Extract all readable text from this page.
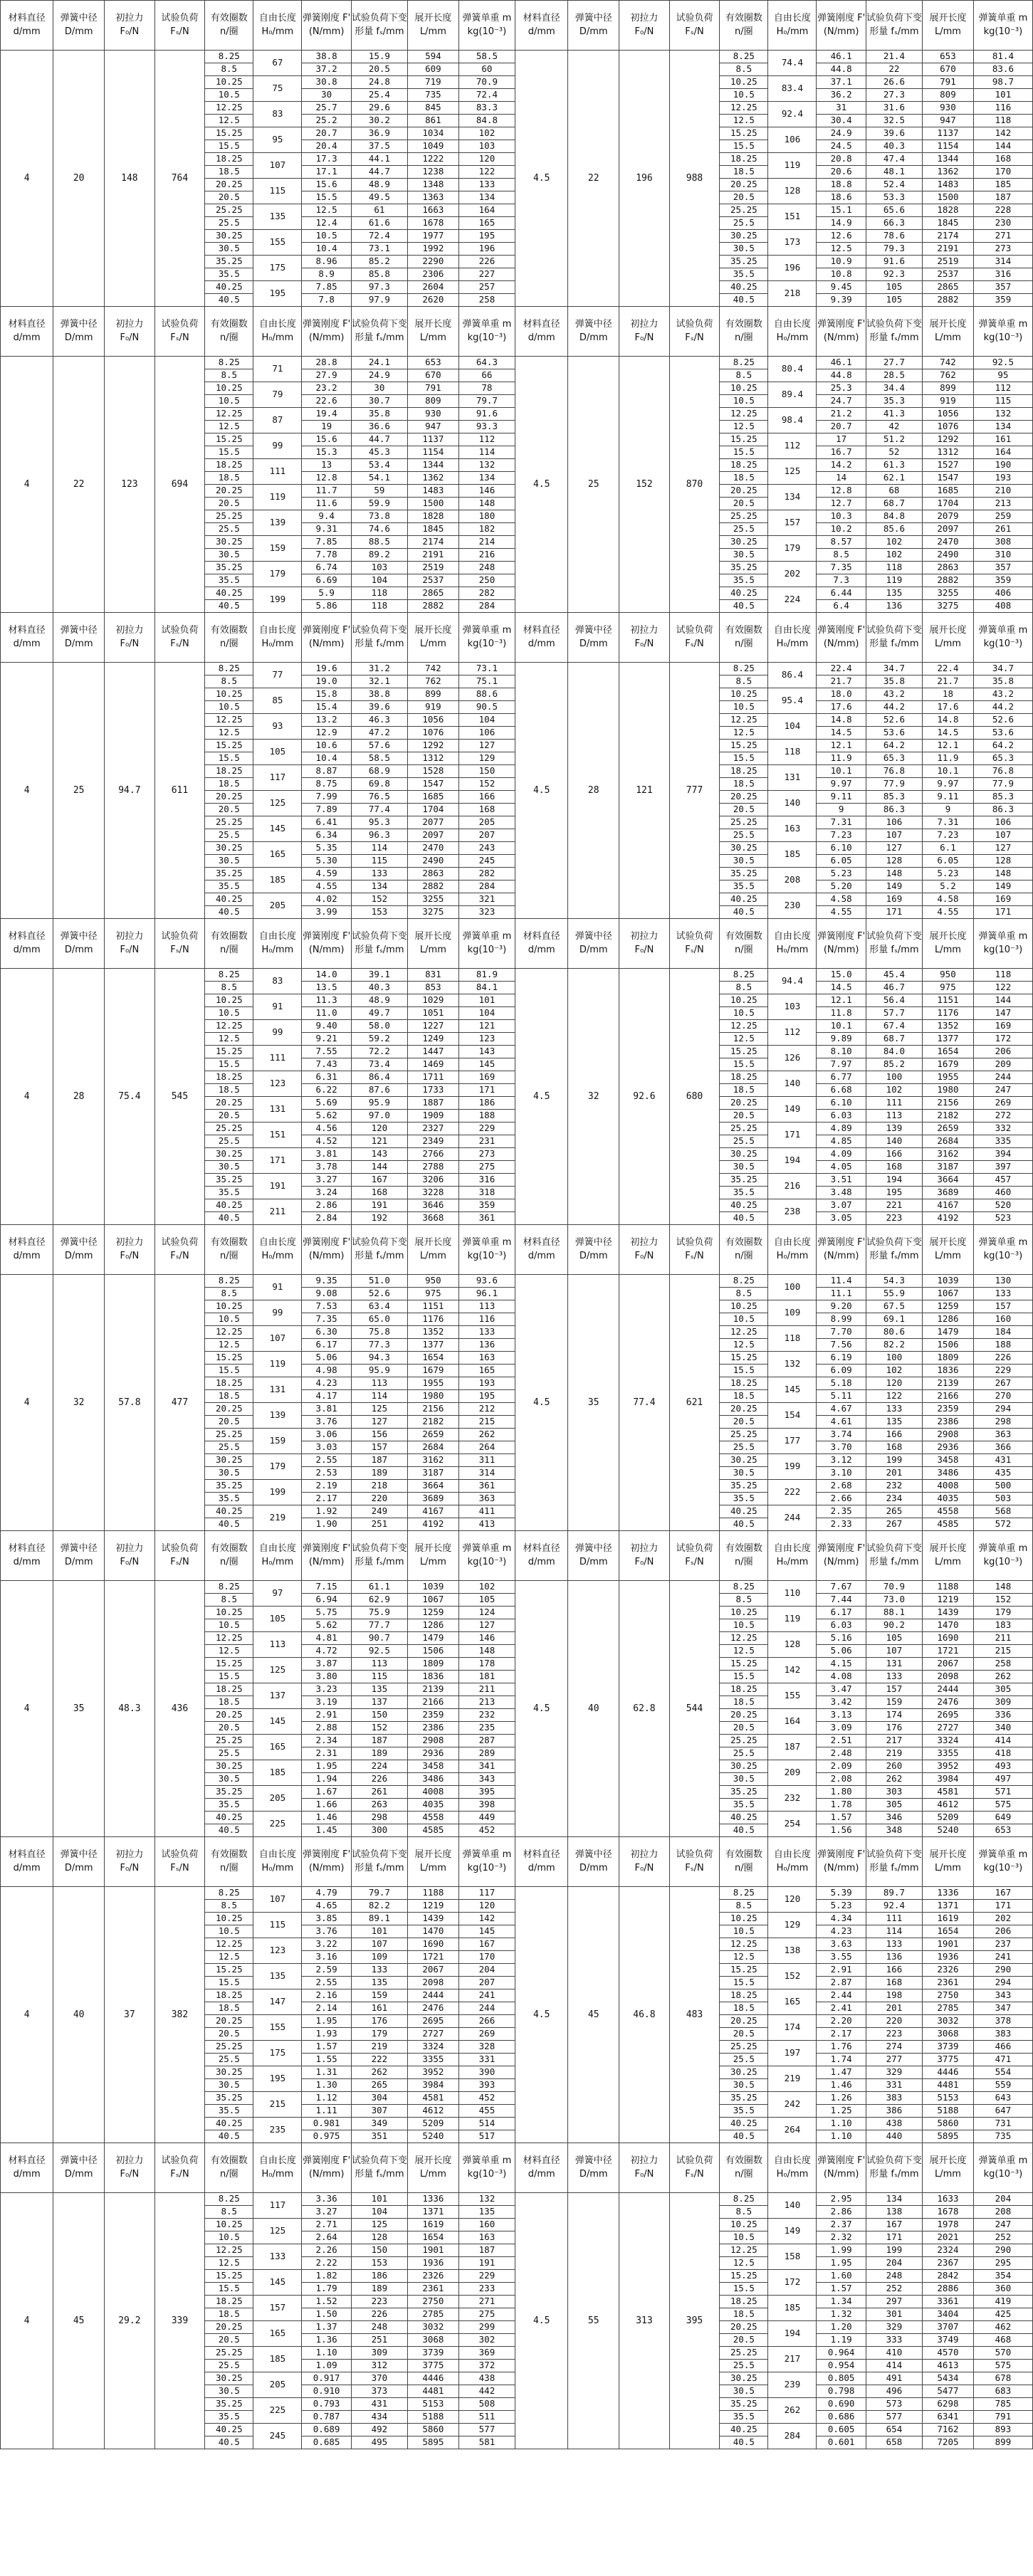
材料直径 d/mm	弹簧中径 D/mm	初拉力 F₀/N	试验负荷 Fₛ/N	有效圈数 n/圈	自由长度 H₀/mm	弹簧刚度 F' (N/mm)	试验负荷下变形量 fₛ/mm	展开长度 L/mm	弹簧单重 m kg(10⁻³)	材料直径 d/mm	弹簧中径 D/mm	初拉力 F₀/N	试验负荷 Fₛ/N	有效圈数 n/圈	自由长度 H₀/mm	弹簧刚度 F' (N/mm)	试验负荷下变形量 fₛ/mm	展开长度 L/mm	弹簧单重 m kg(10⁻³)
4	20	148	764	8.25	67	38.8	15.9	594	58.5	4.5	22	196	988	8.25	74.4	46.1	21.4	653	81.4
				8.5		37.2	20.5	609	60					8.5		44.8	22	670	83.6
				10.25	75	30.8	24.8	719	70.9					10.25	83.4	37.1	26.6	791	98.7
				10.5		30	25.4	735	72.4					10.5		36.2	27.3	809	101
				12.25	83	25.7	29.6	845	83.3					12.25	92.4	31	31.6	930	116
				12.5		25.2	30.2	861	84.8					12.5		30.4	32.5	947	118
				15.25	95	20.7	36.9	1034	102					15.25	106	24.9	39.6	1137	142
				15.5		20.4	37.5	1049	103					15.5		24.5	40.3	1154	144
				18.25	107	17.3	44.1	1222	120					18.25	119	20.8	47.4	1344	168
				18.5		17.1	44.7	1238	122					18.5		20.6	48.1	1362	170
				20.25	115	15.6	48.9	1348	133					20.25	128	18.8	52.4	1483	185
				20.5		15.5	49.5	1363	134					20.5		18.6	53.3	1500	187
				25.25	135	12.5	61	1663	164					25.25	151	15.1	65.6	1828	228
				25.5		12.4	61.6	1678	165					25.5		14.9	66.3	1845	230
				30.25	155	10.5	72.4	1977	195					30.25	173	12.6	78.6	2174	271
				30.5		10.4	73.1	1992	196					30.5		12.5	79.3	2191	273
				35.25	175	8.96	85.2	2290	226					35.25	196	10.9	91.6	2519	314
				35.5		8.9	85.8	2306	227					35.5		10.8	92.3	2537	316
				40.25	195	7.85	97.3	2604	257					40.25	218	9.45	105	2865	357
				40.5		7.8	97.9	2620	258					40.5		9.39	105	2882	359
材料直径 d/mm	弹簧中径 D/mm	初拉力 F₀/N	试验负荷 Fₛ/N	有效圈数 n/圈	自由长度 H₀/mm	弹簧刚度 F' (N/mm)	试验负荷下变形量 fₛ/mm	展开长度 L/mm	弹簧单重 m kg(10⁻³)	材料直径 d/mm	弹簧中径 D/mm	初拉力 F₀/N	试验负荷 Fₛ/N	有效圈数 n/圈	自由长度 H₀/mm	弹簧刚度 F' (N/mm)	试验负荷下变形量 fₛ/mm	展开长度 L/mm	弹簧单重 m kg(10⁻³)
4	22	123	694	8.25	71	28.8	24.1	653	64.3	4.5	25	152	870	8.25	80.4	46.1	27.7	742	92.5
				8.5		27.9	24.9	670	66					8.5		44.8	28.5	762	95
				10.25	79	23.2	30	791	78					10.25	89.4	25.3	34.4	899	112
				10.5		22.6	30.7	809	79.7					10.5		24.7	35.3	919	115
				12.25	87	19.4	35.8	930	91.6					12.25	98.4	21.2	41.3	1056	132
				12.5		19	36.6	947	93.3					12.5		20.7	42	1076	134
				15.25	99	15.6	44.7	1137	112					15.25	112	17	51.2	1292	161
				15.5		15.3	45.3	1154	114					15.5		16.7	52	1312	164
				18.25	111	13	53.4	1344	132					18.25	125	14.2	61.3	1527	190
				18.5		12.8	54.1	1362	134					18.5		14	62.1	1547	193
				20.25	119	11.7	59	1483	146					20.25	134	12.8	68	1685	210
				20.5		11.6	59.9	1500	148					20.5		12.7	68.7	1704	213
				25.25	139	9.4	73.8	1828	180					25.25	157	10.3	84.8	2079	259
				25.5		9.31	74.6	1845	182					25.5		10.2	85.6	2097	261
				30.25	159	7.85	88.5	2174	214					30.25	179	8.57	102	2470	308
				30.5		7.78	89.2	2191	216					30.5		8.5	102	2490	310
				35.25	179	6.74	103	2519	248					35.25	202	7.35	118	2863	357
				35.5		6.69	104	2537	250					35.5		7.3	119	2882	359
				40.25	199	5.9	118	2865	282					40.25	224	6.44	135	3255	406
				40.5		5.86	118	2882	284					40.5		6.4	136	3275	408
材料直径 d/mm	弹簧中径 D/mm	初拉力 F₀/N	试验负荷 Fₛ/N	有效圈数 n/圈	自由长度 H₀/mm	弹簧刚度 F' (N/mm)	试验负荷下变形量 fₛ/mm	展开长度 L/mm	弹簧单重 m kg(10⁻³)	材料直径 d/mm	弹簧中径 D/mm	初拉力 F₀/N	试验负荷 Fₛ/N	有效圈数 n/圈	自由长度 H₀/mm	弹簧刚度 F' (N/mm)	试验负荷下变形量 fₛ/mm	展开长度 L/mm	弹簧单重 m kg(10⁻³)
4	25	94.7	611	8.25	77	19.6	31.2	742	73.1	4.5	28	121	777	8.25	86.4	22.4	34.7	22.4	34.7
				8.5		19.0	32.1	762	75.1					8.5		21.7	35.8	21.7	35.8
				10.25	85	15.8	38.8	899	88.6					10.25	95.4	18.0	43.2	18	43.2
				10.5		15.4	39.6	919	90.5					10.5		17.6	44.2	17.6	44.2
				12.25	93	13.2	46.3	1056	104					12.25	104	14.8	52.6	14.8	52.6
				12.5		12.9	47.2	1076	106					12.5		14.5	53.6	14.5	53.6
				15.25	105	10.6	57.6	1292	127					15.25	118	12.1	64.2	12.1	64.2
				15.5		10.4	58.5	1312	129					15.5		11.9	65.3	11.9	65.3
				18.25	117	8.87	68.9	1528	150					18.25	131	10.1	76.8	10.1	76.8
				18.5		8.75	69.8	1547	152					18.5		9.97	77.9	9.97	77.9
				20.25	125	7.99	76.5	1685	166					20.25	140	9.11	85.3	9.11	85.3
				20.5		7.89	77.4	1704	168					20.5		9	86.3	9	86.3
				25.25	145	6.41	95.3	2077	205					25.25	163	7.31	106	7.31	106
				25.5		6.34	96.3	2097	207					25.5		7.23	107	7.23	107
				30.25	165	5.35	114	2470	243					30.25	185	6.10	127	6.1	127
				30.5		5.30	115	2490	245					30.5		6.05	128	6.05	128
				35.25	185	4.59	133	2863	282					35.25	208	5.23	148	5.23	148
				35.5		4.55	134	2882	284					35.5		5.20	149	5.2	149
				40.25	205	4.02	152	3255	321					40.25	230	4.58	169	4.58	169
				40.5		3.99	153	3275	323					40.5		4.55	171	4.55	171
材料直径 d/mm	弹簧中径 D/mm	初拉力 F₀/N	试验负荷 Fₛ/N	有效圈数 n/圈	自由长度 H₀/mm	弹簧刚度 F' (N/mm)	试验负荷下变形量 fₛ/mm	展开长度 L/mm	弹簧单重 m kg(10⁻³)	材料直径 d/mm	弹簧中径 D/mm	初拉力 F₀/N	试验负荷 Fₛ/N	有效圈数 n/圈	自由长度 H₀/mm	弹簧刚度 F' (N/mm)	试验负荷下变形量 fₛ/mm	展开长度 L/mm	弹簧单重 m kg(10⁻³)
4	28	75.4	545	8.25	83	14.0	39.1	831	81.9	4.5	32	92.6	680	8.25	94.4	15.0	45.4	950	118
				8.5		13.5	40.3	853	84.1					8.5		14.5	46.7	975	122
				10.25	91	11.3	48.9	1029	101					10.25	103	12.1	56.4	1151	144
				10.5		11.0	49.7	1051	104					10.5		11.8	57.7	1176	147
				12.25	99	9.40	58.0	1227	121					12.25	112	10.1	67.4	1352	169
				12.5		9.21	59.2	1249	123					12.5		9.89	68.7	1377	172
				15.25	111	7.55	72.2	1447	143					15.25	126	8.10	84.0	1654	206
				15.5		7.43	73.4	1469	145					15.5		7.97	85.2	1679	209
				18.25	123	6.31	86.4	1711	169					18.25	140	6.77	100	1955	244
				18.5		6.22	87.6	1733	171					18.5		6.68	102	1980	247
				20.25	131	5.69	95.9	1887	186					20.25	149	6.10	111	2156	269
				20.5		5.62	97.0	1909	188					20.5		6.03	113	2182	272
				25.25	151	4.56	120	2327	229					25.25	171	4.89	139	2659	332
				25.5		4.52	121	2349	231					25.5		4.85	140	2684	335
				30.25	171	3.81	143	2766	273					30.25	194	4.09	166	3162	394
				30.5		3.78	144	2788	275					30.5		4.05	168	3187	397
				35.25	191	3.27	167	3206	316					35.25	216	3.51	194	3664	457
				35.5		3.24	168	3228	318					35.5		3.48	195	3689	460
				40.25	211	2.86	191	3646	359					40.25	238	3.07	221	4167	520
				40.5		2.84	192	3668	361					40.5		3.05	223	4192	523
材料直径 d/mm	弹簧中径 D/mm	初拉力 F₀/N	试验负荷 Fₛ/N	有效圈数 n/圈	自由长度 H₀/mm	弹簧刚度 F' (N/mm)	试验负荷下变形量 fₛ/mm	展开长度 L/mm	弹簧单重 m kg(10⁻³)	材料直径 d/mm	弹簧中径 D/mm	初拉力 F₀/N	试验负荷 Fₛ/N	有效圈数 n/圈	自由长度 H₀/mm	弹簧刚度 F' (N/mm)	试验负荷下变形量 fₛ/mm	展开长度 L/mm	弹簧单重 m kg(10⁻³)
4	32	57.8	477	8.25	91	9.35	51.0	950	93.6	4.5	35	77.4	621	8.25	100	11.4	54.3	1039	130
				8.5		9.08	52.6	975	96.1					8.5		11.1	55.9	1067	133
				10.25	99	7.53	63.4	1151	113					10.25	109	9.20	67.5	1259	157
				10.5		7.35	65.0	1176	116					10.5		8.99	69.1	1286	160
				12.25	107	6.30	75.8	1352	133					12.25	118	7.70	80.6	1479	184
				12.5		6.17	77.3	1377	136					12.5		7.56	82.2	1506	188
				15.25	119	5.06	94.3	1654	163					15.25	132	6.19	100	1809	226
				15.5		4.98	95.9	1679	165					15.5		6.09	102	1836	229
				18.25	131	4.23	113	1955	193					18.25	145	5.18	120	2139	267
				18.5		4.17	114	1980	195					18.5		5.11	122	2166	270
				20.25	139	3.81	125	2156	212					20.25	154	4.67	133	2359	294
				20.5		3.76	127	2182	215					20.5		4.61	135	2386	298
				25.25	159	3.06	156	2659	262					25.25	177	3.74	166	2908	363
				25.5		3.03	157	2684	264					25.5		3.70	168	2936	366
				30.25	179	2.55	187	3162	311					30.25	199	3.12	199	3458	431
				30.5		2.53	189	3187	314					30.5		3.10	201	3486	435
				35.25	199	2.19	218	3664	361					35.25	222	2.68	232	4008	500
				35.5		2.17	220	3689	363					35.5		2.66	234	4035	503
				40.25	219	1.92	249	4167	411					40.25	244	2.35	265	4558	568
				40.5		1.90	251	4192	413					40.5		2.33	267	4585	572
材料直径 d/mm	弹簧中径 D/mm	初拉力 F₀/N	试验负荷 Fₛ/N	有效圈数 n/圈	自由长度 H₀/mm	弹簧刚度 F' (N/mm)	试验负荷下变形量 fₛ/mm	展开长度 L/mm	弹簧单重 m kg(10⁻³)	材料直径 d/mm	弹簧中径 D/mm	初拉力 F₀/N	试验负荷 Fₛ/N	有效圈数 n/圈	自由长度 H₀/mm	弹簧刚度 F' (N/mm)	试验负荷下变形量 fₛ/mm	展开长度 L/mm	弹簧单重 m kg(10⁻³)
4	35	48.3	436	8.25	97	7.15	61.1	1039	102	4.5	40	62.8	544	8.25	110	7.67	70.9	1188	148
				8.5		6.94	62.9	1067	105					8.5		7.44	73.0	1219	152
				10.25	105	5.75	75.9	1259	124					10.25	119	6.17	88.1	1439	179
				10.5		5.62	77.7	1286	127					10.5		6.03	90.2	1470	183
				12.25	113	4.81	90.7	1479	146					12.25	128	5.16	105	1690	211
				12.5		4.72	92.5	1506	148					12.5		5.06	107	1721	215
				15.25	125	3.87	113	1809	178					15.25	142	4.15	131	2067	258
				15.5		3.80	115	1836	181					15.5		4.08	133	2098	262
				18.25	137	3.23	135	2139	211					18.25	155	3.47	157	2444	305
				18.5		3.19	137	2166	213					18.5		3.42	159	2476	309
				20.25	145	2.91	150	2359	232					20.25	164	3.13	174	2695	336
				20.5		2.88	152	2386	235					20.5		3.09	176	2727	340
				25.25	165	2.34	187	2908	287					25.25	187	2.51	217	3324	414
				25.5		2.31	189	2936	289					25.5		2.48	219	3355	418
				30.25	185	1.95	224	3458	341					30.25	209	2.09	260	3952	493
				30.5		1.94	226	3486	343					30.5		2.08	262	3984	497
				35.25	205	1.67	261	4008	395					35.25	232	1.80	303	4581	571
				35.5		1.66	263	4035	398					35.5		1.78	305	4612	575
				40.25	225	1.46	298	4558	449					40.25	254	1.57	346	5209	649
				40.5		1.45	300	4585	452					40.5		1.56	348	5240	653
材料直径 d/mm	弹簧中径 D/mm	初拉力 F₀/N	试验负荷 Fₛ/N	有效圈数 n/圈	自由长度 H₀/mm	弹簧刚度 F' (N/mm)	试验负荷下变形量 fₛ/mm	展开长度 L/mm	弹簧单重 m kg(10⁻³)	材料直径 d/mm	弹簧中径 D/mm	初拉力 F₀/N	试验负荷 Fₛ/N	有效圈数 n/圈	自由长度 H₀/mm	弹簧刚度 F' (N/mm)	试验负荷下变形量 fₛ/mm	展开长度 L/mm	弹簧单重 m kg(10⁻³)
4	40	37	382	8.25	107	4.79	79.7	1188	117	4.5	45	46.8	483	8.25	120	5.39	89.7	1336	167
				8.5		4.65	82.2	1219	120					8.5		5.23	92.4	1371	171
				10.25	115	3.85	89.1	1439	142					10.25	129	4.34	111	1619	202
				10.5		3.76	101	1470	145					10.5		4.23	114	1654	206
				12.25	123	3.22	107	1690	167					12.25	138	3.63	133	1901	237
				12.5		3.16	109	1721	170					12.5		3.55	136	1936	241
				15.25	135	2.59	133	2067	204					15.25	152	2.91	166	2326	290
				15.5		2.55	135	2098	207					15.5		2.87	168	2361	294
				18.25	147	2.16	159	2444	241					18.25	165	2.44	198	2750	343
				18.5		2.14	161	2476	244					18.5		2.41	201	2785	347
				20.25	155	1.95	176	2695	266					20.25	174	2.20	220	3032	378
				20.5		1.93	179	2727	269					20.5		2.17	223	3068	383
				25.25	175	1.57	219	3324	328					25.25	197	1.76	274	3739	466
				25.5		1.55	222	3355	331					25.5		1.74	277	3775	471
				30.25	195	1.31	262	3952	390					30.25	219	1.47	329	4446	554
				30.5		1.30	265	3984	393					30.5		1.46	331	4481	559
				35.25	215	1.12	304	4581	452					35.25	242	1.26	383	5153	643
				35.5		1.11	307	4612	455					35.5		1.25	386	5188	647
				40.25	235	0.981	349	5209	514					40.25	264	1.10	438	5860	731
				40.5		0.975	351	5240	517					40.5		1.10	440	5895	735
材料直径 d/mm	弹簧中径 D/mm	初拉力 F₀/N	试验负荷 Fₛ/N	有效圈数 n/圈	自由长度 H₀/mm	弹簧刚度 F' (N/mm)	试验负荷下变形量 fₛ/mm	展开长度 L/mm	弹簧单重 m kg(10⁻³)	材料直径 d/mm	弹簧中径 D/mm	初拉力 F₀/N	试验负荷 Fₛ/N	有效圈数 n/圈	自由长度 H₀/mm	弹簧刚度 F' (N/mm)	试验负荷下变形量 fₛ/mm	展开长度 L/mm	弹簧单重 m kg(10⁻³)
4	45	29.2	339	8.25	117	3.36	101	1336	132	4.5	55	313	395	8.25	140	2.95	134	1633	204
				8.5		3.27	104	1371	135					8.5		2.86	138	1678	208
				10.25	125	2.71	125	1619	160					10.25	149	2.37	167	1978	247
				10.5		2.64	128	1654	163					10.5		2.32	171	2021	252
				12.25	133	2.26	150	1901	187					12.25	158	1.99	199	2324	290
				12.5		2.22	153	1936	191					12.5		1.95	204	2367	295
				15.25	145	1.82	186	2326	229					15.25	172	1.60	248	2842	354
				15.5		1.79	189	2361	233					15.5		1.57	252	2886	360
				18.25	157	1.52	223	2750	271					18.25	185	1.34	297	3361	419
				18.5		1.50	226	2785	275					18.5		1.32	301	3404	425
				20.25	165	1.37	248	3032	299					20.25	194	1.20	329	3707	462
				20.5		1.36	251	3068	302					20.5		1.19	333	3749	468
				25.25	185	1.10	309	3739	369					25.25	217	0.964	410	4570	570
				25.5		1.09	312	3775	372					25.5		0.954	414	4613	575
				30.25	205	0.917	370	4446	438					30.25	239	0.805	491	5434	678
				30.5		0.910	373	4481	442					30.5		0.798	496	5477	683
				35.25	225	0.793	431	5153	508					35.25	262	0.690	573	6298	785
				35.5		0.787	434	5188	511					35.5		0.686	577	6341	791
				40.25	245	0.689	492	5860	577					40.25	284	0.605	654	7162	893
				40.5		0.685	495	5895	581					40.5		0.601	658	7205	899
